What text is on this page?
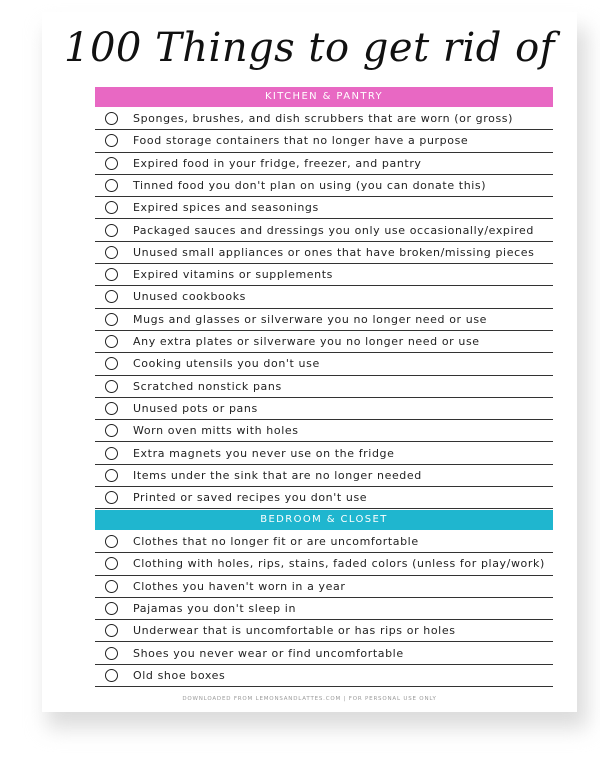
100 Things to get rid of
KITCHEN & PANTRY
Sponges, brushes, and dish scrubbers that are worn (or gross)
Food storage containers that no longer have a purpose
Expired food in your fridge, freezer, and pantry
Tinned food you don't plan on using (you can donate this)
Expired spices and seasonings
Packaged sauces and dressings you only use occasionally/expired
Unused small appliances or ones that have broken/missing pieces
Expired vitamins or supplements
Unused cookbooks
Mugs and glasses or silverware you no longer need or use
Any extra plates or silverware you no longer need or use
Cooking utensils you don't use
Scratched nonstick pans
Unused pots or pans
Worn oven mitts with holes
Extra magnets you never use on the fridge
Items under the sink that are no longer needed
Printed or saved recipes you don't use
BEDROOM & CLOSET
Clothes that no longer fit or are uncomfortable
Clothing with holes, rips, stains, faded colors (unless for play/work)
Clothes you haven't worn in a year
Pajamas you don't sleep in
Underwear that is uncomfortable or has rips or holes
Shoes you never wear or find uncomfortable
Old shoe boxes
DOWNLOADED FROM LEMONSANDLATTES.COM | FOR PERSONAL USE ONLY
